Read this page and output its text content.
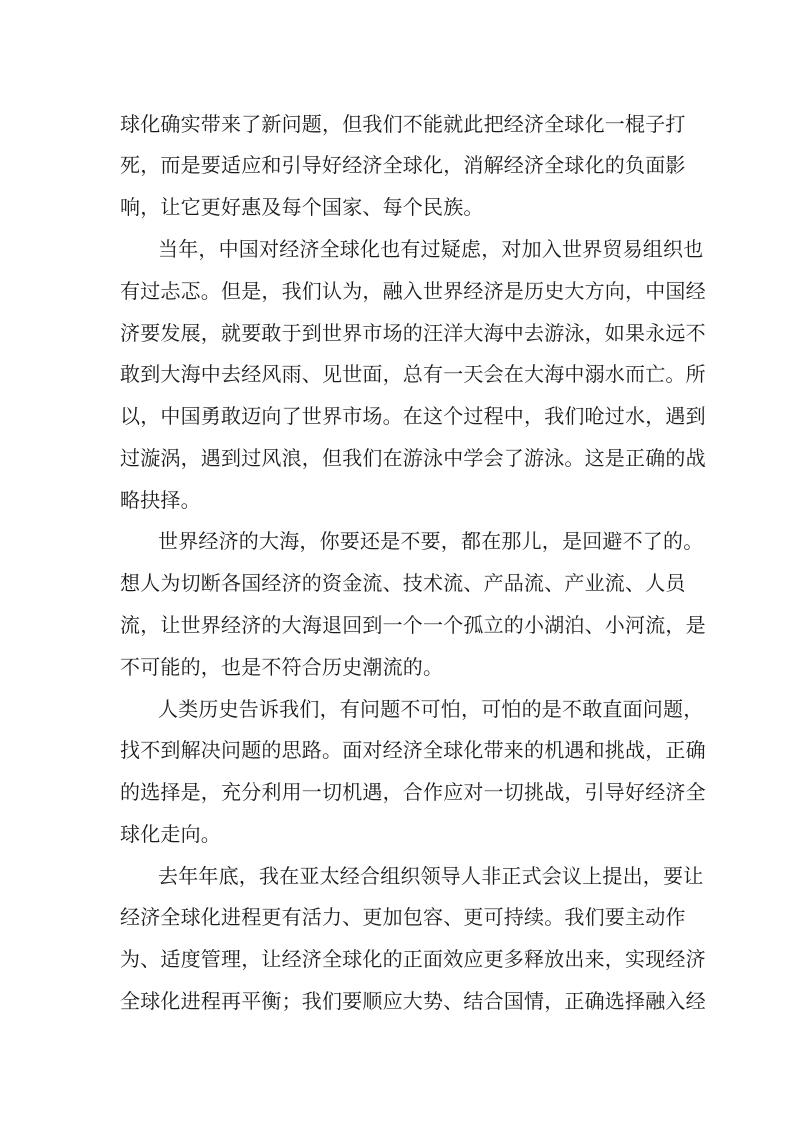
球化确实带来了新问题，但我们不能就此把经济全球化一棍子打
死，而是要适应和引导好经济全球化，消解经济全球化的负面影
响，让它更好惠及每个国家、每个民族。
当年，中国对经济全球化也有过疑虑，对加入世界贸易组织也
有过忐忑。但是，我们认为，融入世界经济是历史大方向，中国经
济要发展，就要敢于到世界市场的汪洋大海中去游泳，如果永远不
敢到大海中去经风雨、见世面，总有一天会在大海中溺水而亡。所
以，中国勇敢迈向了世界市场。在这个过程中，我们呛过水，遇到
过漩涡，遇到过风浪，但我们在游泳中学会了游泳。这是正确的战
略抉择。
世界经济的大海，你要还是不要，都在那儿，是回避不了的。
想人为切断各国经济的资金流、技术流、产品流、产业流、人员
流，让世界经济的大海退回到一个一个孤立的小湖泊、小河流，是
不可能的，也是不符合历史潮流的。
人类历史告诉我们，有问题不可怕，可怕的是不敢直面问题，
找不到解决问题的思路。面对经济全球化带来的机遇和挑战，正确
的选择是，充分利用一切机遇，合作应对一切挑战，引导好经济全
球化走向。
去年年底，我在亚太经合组织领导人非正式会议上提出，要让
经济全球化进程更有活力、更加包容、更可持续。我们要主动作
为、适度管理，让经济全球化的正面效应更多释放出来，实现经济
全球化进程再平衡；我们要顺应大势、结合国情，正确选择融入经
